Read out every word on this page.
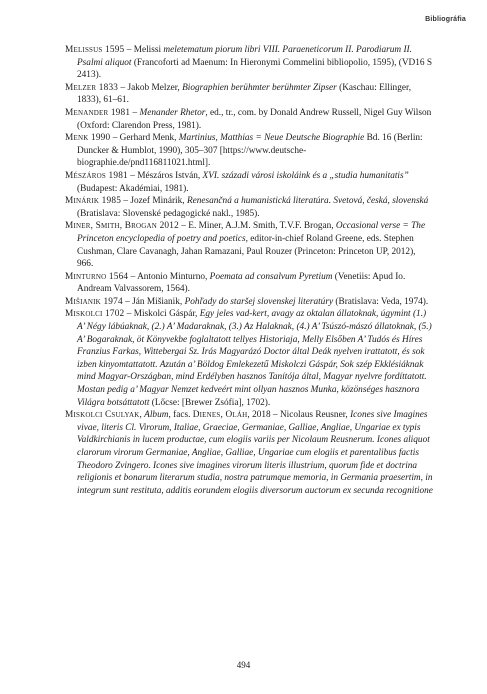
Bibliográfia

Melissus 1595 – Melissi meletematum piorum libri VIII. Paraeneticorum II. Parodiarum II. Psalmi aliquot (Francoforti ad Maenum: In Hieronymi Commelini bibliopolio, 1595), (VD16 S 2413).

Melzer 1833 – Jakob Melzer, Biographien berühmter berühmter Zipser (Kaschau: Ellinger, 1833), 61–61.

Menander 1981 – Menander Rhetor, ed., tr., com. by Donald Andrew Russell, Nigel Guy Wilson (Oxford: Clarendon Press, 1981).

Menk 1990 – Gerhard Menk, Martinius, Matthias = Neue Deutsche Biographie Bd. 16 (Berlin: Duncker & Humblot, 1990), 305–307 [https://www.deutsche-biographie.de/pnd116811021.html].

Mészáros 1981 – Mészáros István, XVI. századi városi iskoláink és a „studia humanitatis” (Budapest: Akadémiai, 1981).

Minárik 1985 – Jozef Minárik, Renesančná a humanistická literatúra. Svetová, česká, slovenská (Bratislava: Slovenské pedagogické nakl., 1985).

Miner, Smith, Brogan 2012 – E. Miner, A.J.M. Smith, T.V.F. Brogan, Occasional verse = The Princeton encyclopedia of poetry and poetics, editor-in-chief Roland Greene, eds. Stephen Cushman, Clare Cavanagh, Jahan Ramazani, Paul Rouzer (Princeton: Princeton UP, 2012), 966.

Minturno 1564 – Antonio Minturno, Poemata ad consalvum Pyretium (Venetiis: Apud Io. Andream Valvassorem, 1564).

Mišianik 1974 – Ján Mišianik, Pohľady do staršej slovenskej literatúry (Bratislava: Veda, 1974).

Miskolci 1702 – Miskolci Gáspár, Egy jeles vad-kert, avagy az oktalan állatoknak, úgymint (1.) A’ Négy lábúaknak, (2.) A’ Madaraknak, (3.) Az Halaknak, (4.) A’ Tsúszó-mászó állatoknak, (5.) A’ Bogaraknak, öt Könyvekbe foglaltatott tellyes Historiaja, Melly Elsőben A’ Tudós és Híres Franzius Farkas, Wittebergai Sz. Irás Magyarázó Doctor által Deák nyelven irattatott, és sok izben kinyomtattatott. Azután a’ Böldog Emlekezetű Miskolczi Gáspár, Sok szép Ekklésiáknak mind Magyar-Országban, mind Erdélyben hasznos Tanítója által, Magyar nyelvre fordíttatott. Mostan pedig a’ Magyar Nemzet kedveért mint ollyan hasznos Munka, közönséges hasznora Világra botsáttatott (Lőcse: [Brewer Zsófia], 1702).

Miskolci Csulyak, Album, facs. Dienes, Oláh, 2018 – Nicolaus Reusner, Icones sive Imagines vivae, literis Cl. Virorum, Italiae, Graeciae, Germaniae, Galliae, Angliae, Ungariae ex typis Valdkirchianis in lucem productae, cum elogiis variis per Nicolaum Reusnerum. Icones aliquot clarorum virorum Germaniae, Angliae, Galliae, Ungariae cum elogiis et parentalibus factis Theodoro Zvingero. Icones sive imagines virorum literis illustrium, quorum fide et doctrina religionis et bonarum literarum studia, nostra patrumque memoria, in Germania praesertim, in integrum sunt restituta, additis eorundem elogiis diversorum auctorum ex secunda recognitione

494
